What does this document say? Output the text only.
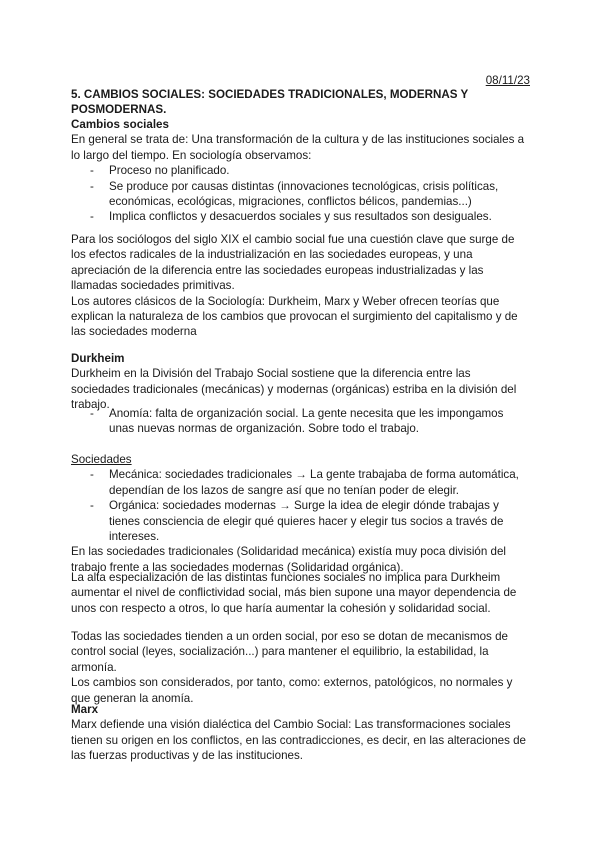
08/11/23
5. CAMBIOS SOCIALES: SOCIEDADES TRADICIONALES, MODERNAS Y POSMODERNAS.
Cambios sociales

En general se trata de: Una transformación de la cultura y de las instituciones sociales a lo largo del tiempo. En sociología observamos:

- Proceso no planificado.
- Se produce por causas distintas (innovaciones tecnológicas, crisis políticas, económicas, ecológicas, migraciones, conflictos bélicos, pandemias...)
- Implica conflictos y desacuerdos sociales y sus resultados son desiguales.

Para los sociólogos del siglo XIX el cambio social fue una cuestión clave que surge de los efectos radicales de la industrialización en las sociedades europeas, y una apreciación de la diferencia entre las sociedades europeas industrializadas y las llamadas sociedades primitivas.

Los autores clásicos de la Sociología: Durkheim, Marx y Weber ofrecen teorías que explican la naturaleza de los cambios que provocan el surgimiento del capitalismo y de las sociedades moderna

Durkheim

Durkheim en la División del Trabajo Social sostiene que la diferencia entre las sociedades tradicionales (mecánicas) y modernas (orgánicas) estriba en la división del trabajo.

- Anomía: falta de organización social. La gente necesita que les impongamos unas nuevas normas de organización. Sobre todo el trabajo.
Sociedades
- Mecánica: sociedades tradicionales → La gente trabajaba de forma automática, dependían de los lazos de sangre así que no tenían poder de elegir.
- Orgánica: sociedades modernas → Surge la idea de elegir dónde trabajas y tienes consciencia de elegir qué quieres hacer y elegir tus socios a través de intereses.

En las sociedades tradicionales (Solidaridad mecánica) existía muy poca división del trabajo frente a las sociedades modernas (Solidaridad orgánica).

La alta especialización de las distintas funciones sociales no implica para Durkheim aumentar el nivel de conflictividad social, más bien supone una mayor dependencia de unos con respecto a otros, lo que haría aumentar la cohesión y solidaridad social.

Todas las sociedades tienden a un orden social, por eso se dotan de mecanismos de control social (leyes, socialización...) para mantener el equilibrio, la estabilidad, la armonía.

Los cambios son considerados, por tanto, como: externos, patológicos, no normales y que generan la anomía.

Marx

Marx defiende una visión dialéctica del Cambio Social: Las transformaciones sociales tienen su origen en los conflictos, en las contradicciones, es decir, en las alteraciones de las fuerzas productivas y de las instituciones.
